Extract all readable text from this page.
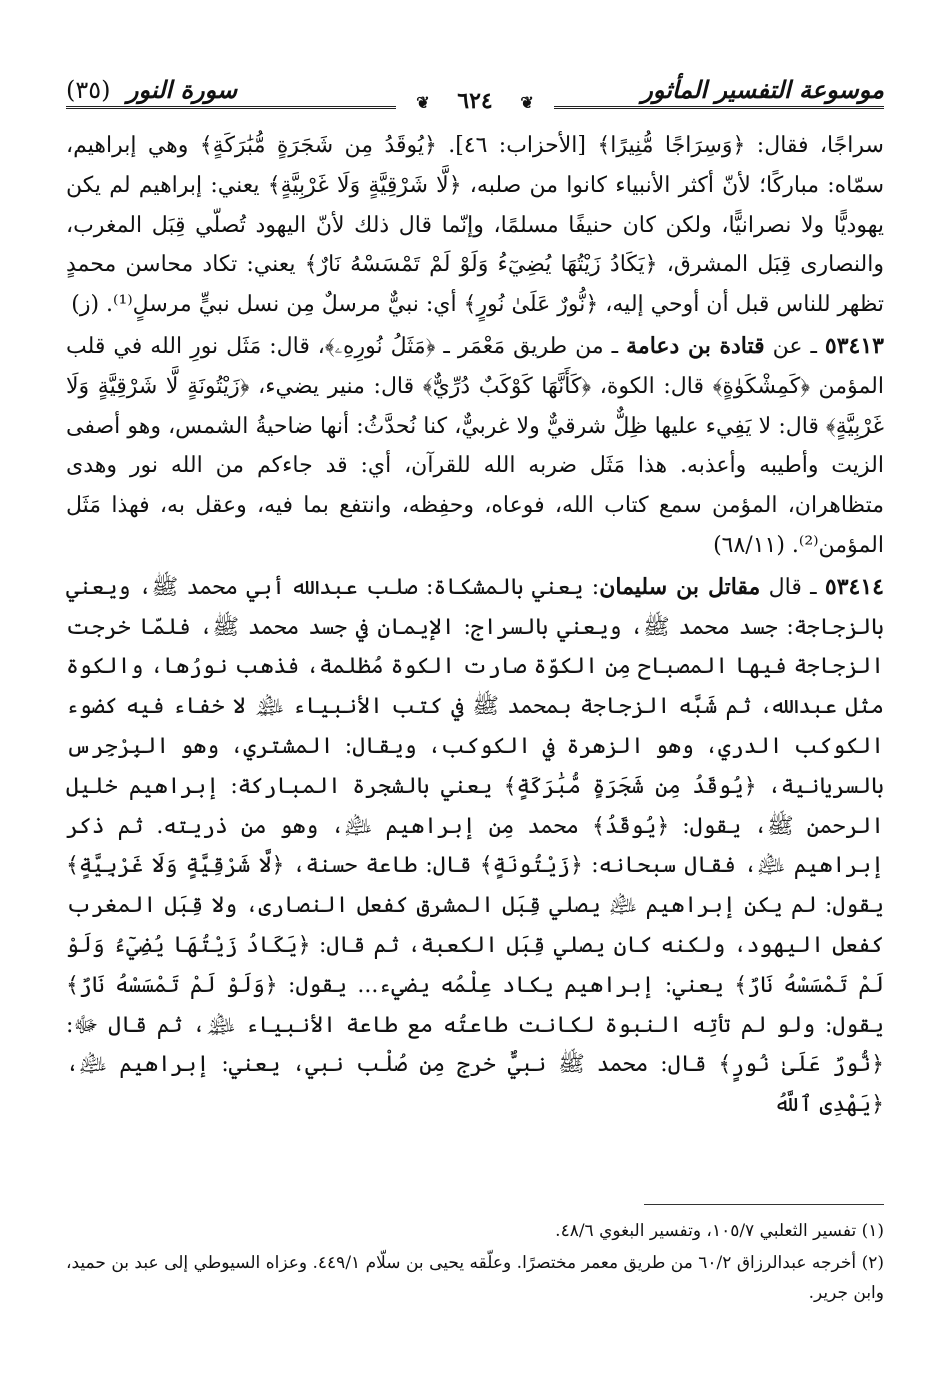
سورة النور (٣٥)	موسوعة التفسير المأثور
❦ ٦٢٤ ❦

سراجًا، فقال: ﴿وَسِرَاجًا مُّنِيرًا﴾ [الأحزاب: ٤٦]. ﴿يُوقَدُ مِن شَجَرَةٍ مُّبَٰرَكَةٍ﴾ وهي إبراهيم، سمّاه: مباركًا؛ لأنّ أكثر الأنبياء كانوا من صلبه، ﴿لَّا شَرْقِيَّةٍ وَلَا غَرْبِيَّةٍ﴾ يعني: إبراهيم لم يكن يهوديًّا ولا نصرانيًّا، ولكن كان حنيفًا مسلمًا، وإنّما قال ذلك لأنّ اليهود تُصلّي قِبَل المغرب، والنصارى قِبَل المشرق، ﴿يَكَادُ زَيْتُهَا يُضِيٓءُ وَلَوْ لَمْ تَمْسَسْهُ نَارٌ﴾ يعني: تكاد محاسن محمدٍ تظهر للناس قبل أن أوحي إليه، ﴿نُّورٌ عَلَىٰ نُورٍ﴾ أي: نبيٌّ مرسلٌ مِن نسل نبيٍّ مرسلٍ⁽¹⁾. (ز)

٥٣٤١٣ ـ عن قتادة بن دعامة ـ من طريق مَعْمَر ـ ﴿مَثَلُ نُورِهِۦ﴾، قال: مَثَل نورِ الله في قلب المؤمن ﴿كَمِشْكَوٰةٍ﴾ قال: الكوة، ﴿كَأَنَّهَا كَوْكَبٌ دُرِّيٌّ﴾ قال: منير يضيء، ﴿زَيْتُونَةٍ لَّا شَرْقِيَّةٍ وَلَا غَرْبِيَّةٍ﴾ قال: لا يَفِيء عليها ظِلٌّ شرقيٌّ ولا غربيٌّ، كنا نُحدَّثُ: أنها ضاحيةُ الشمس، وهو أصفى الزيت وأطيبه وأعذبه. هذا مَثَل ضربه الله للقرآن، أي: قد جاءكم من الله نور وهدى متظاهران، المؤمن سمع كتاب الله، فوعاه، وحفِظه، وانتفع بما فيه، وعقل به، فهذا مَثَل المؤمن⁽²⁾. (٦٨/١١)

٥٣٤١٤ ـ قال مقاتل بن سليمان: يعني بالمشكاة: صلب عبدالله أبي محمد ﷺ، ويعني بالزجاجة: جسد محمد ﷺ، ويعني بالسراج: الإيمان في جسد محمد ﷺ، فلمّا خرجت الزجاجة فيها المصباح مِن الكوّة صارت الكوة مُظلمة، فذهب نورُها، والكوة مثل عبدالله، ثم شَبَّه الزجاجة بمحمد ﷺ في كتب الأنبياء ﵈ لا خفاء فيه كضوء الكوكب الدري، وهو الزهرة في الكوكب، ويقال: المشتري، وهو البِرْجِرس بالسريانية، ﴿يُوقَدُ مِن شَجَرَةٍ مُّبَٰرَكَةٍ﴾ يعني بالشجرة المباركة: إبراهيم خليل الرحمن ﷺ، يقول: ﴿يُوقَدُ﴾ محمد مِن إبراهيم ﵇، وهو من ذريته. ثم ذكر إبراهيم ﵇، فقال سبحانه: ﴿زَيْتُونَةٍ﴾ قال: طاعة حسنة، ﴿لَّا شَرْقِيَّةٍ وَلَا غَرْبِيَّةٍ﴾ يقول: لم يكن إبراهيم ﵇ يصلي قِبَل المشرق كفعل النصارى، ولا قِبَل المغرب كفعل اليهود، ولكنه كان يصلي قِبَل الكعبة، ثم قال: ﴿يَكَادُ زَيْتُهَا يُضِيٓءُ وَلَوْ لَمْ تَمْسَسْهُ نَارٌ﴾ يعني: إبراهيم يكاد عِلْمُه يضيء... يقول: ﴿وَلَوْ لَمْ تَمْسَسْهُ نَارٌ﴾ يقول: ولو لم تأتِه النبوة لكانت طاعتُه مع طاعة الأنبياء ﵈، ثم قال ﷻ: ﴿نُّورٌ عَلَىٰ نُورٍ﴾ قال: محمد ﷺ نبيٌّ خرج مِن صُلْب نبي، يعني: إبراهيم ﵇، ﴿يَهْدِى ٱللَّهُ

(١) تفسير الثعلبي ١٠٥/٧، وتفسير البغوي ٤٨/٦.

(٢) أخرجه عبدالرزاق ٦٠/٢ من طريق معمر مختصرًا. وعلّقه يحيى بن سلّام ٤٤٩/١. وعزاه السيوطي إلى عبد بن حميد، وابن جرير.
